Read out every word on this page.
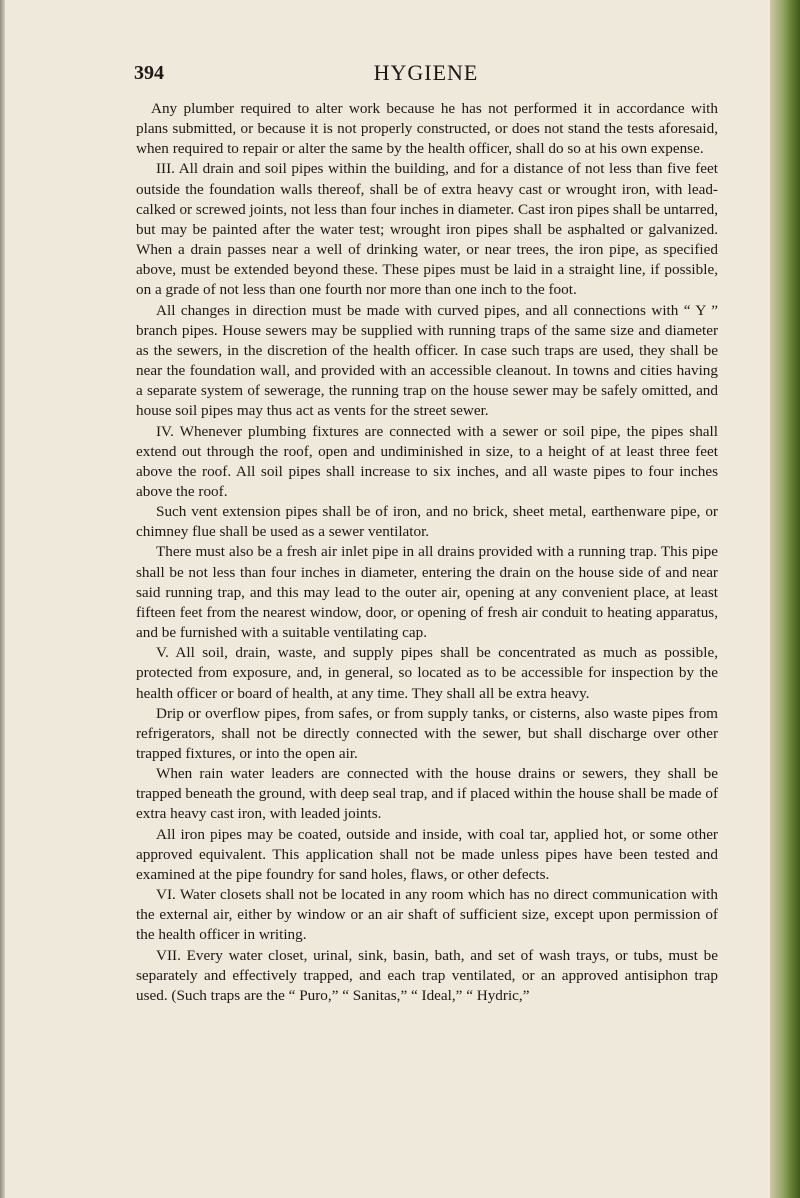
394	HYGIENE

Any plumber required to alter work because he has not performed it in accordance with plans submitted, or because it is not properly constructed, or does not stand the tests aforesaid, when required to repair or alter the same by the health officer, shall do so at his own expense.

III. All drain and soil pipes within the building, and for a distance of not less than five feet outside the foundation walls thereof, shall be of extra heavy cast or wrought iron, with lead-calked or screwed joints, not less than four inches in diameter. Cast iron pipes shall be untarred, but may be painted after the water test; wrought iron pipes shall be asphalted or galvanized. When a drain passes near a well of drinking water, or near trees, the iron pipe, as specified above, must be extended beyond these. These pipes must be laid in a straight line, if possible, on a grade of not less than one fourth nor more than one inch to the foot.

All changes in direction must be made with curved pipes, and all connections with “ Y ” branch pipes. House sewers may be supplied with running traps of the same size and diameter as the sewers, in the discretion of the health officer. In case such traps are used, they shall be near the foundation wall, and provided with an accessible cleanout. In towns and cities having a separate system of sewerage, the running trap on the house sewer may be safely omitted, and house soil pipes may thus act as vents for the street sewer.

IV. Whenever plumbing fixtures are connected with a sewer or soil pipe, the pipes shall extend out through the roof, open and undiminished in size, to a height of at least three feet above the roof. All soil pipes shall increase to six inches, and all waste pipes to four inches above the roof.

Such vent extension pipes shall be of iron, and no brick, sheet metal, earthenware pipe, or chimney flue shall be used as a sewer ventilator.

There must also be a fresh air inlet pipe in all drains provided with a running trap. This pipe shall be not less than four inches in diameter, entering the drain on the house side of and near said running trap, and this may lead to the outer air, opening at any convenient place, at least fifteen feet from the nearest window, door, or opening of fresh air conduit to heating apparatus, and be furnished with a suitable ventilating cap.

V. All soil, drain, waste, and supply pipes shall be concentrated as much as possible, protected from exposure, and, in general, so located as to be accessible for inspection by the health officer or board of health, at any time. They shall all be extra heavy.

Drip or overflow pipes, from safes, or from supply tanks, or cisterns, also waste pipes from refrigerators, shall not be directly connected with the sewer, but shall discharge over other trapped fixtures, or into the open air.

When rain water leaders are connected with the house drains or sewers, they shall be trapped beneath the ground, with deep seal trap, and if placed within the house shall be made of extra heavy cast iron, with leaded joints.

All iron pipes may be coated, outside and inside, with coal tar, applied hot, or some other approved equivalent. This application shall not be made unless pipes have been tested and examined at the pipe foundry for sand holes, flaws, or other defects.

VI. Water closets shall not be located in any room which has no direct communication with the external air, either by window or an air shaft of sufficient size, except upon permission of the health officer in writing.

VII. Every water closet, urinal, sink, basin, bath, and set of wash trays, or tubs, must be separately and effectively trapped, and each trap ventilated, or an approved antisiphon trap used. (Such traps are the “ Puro,” “ Sanitas,” “ Ideal,” “ Hydric,”
